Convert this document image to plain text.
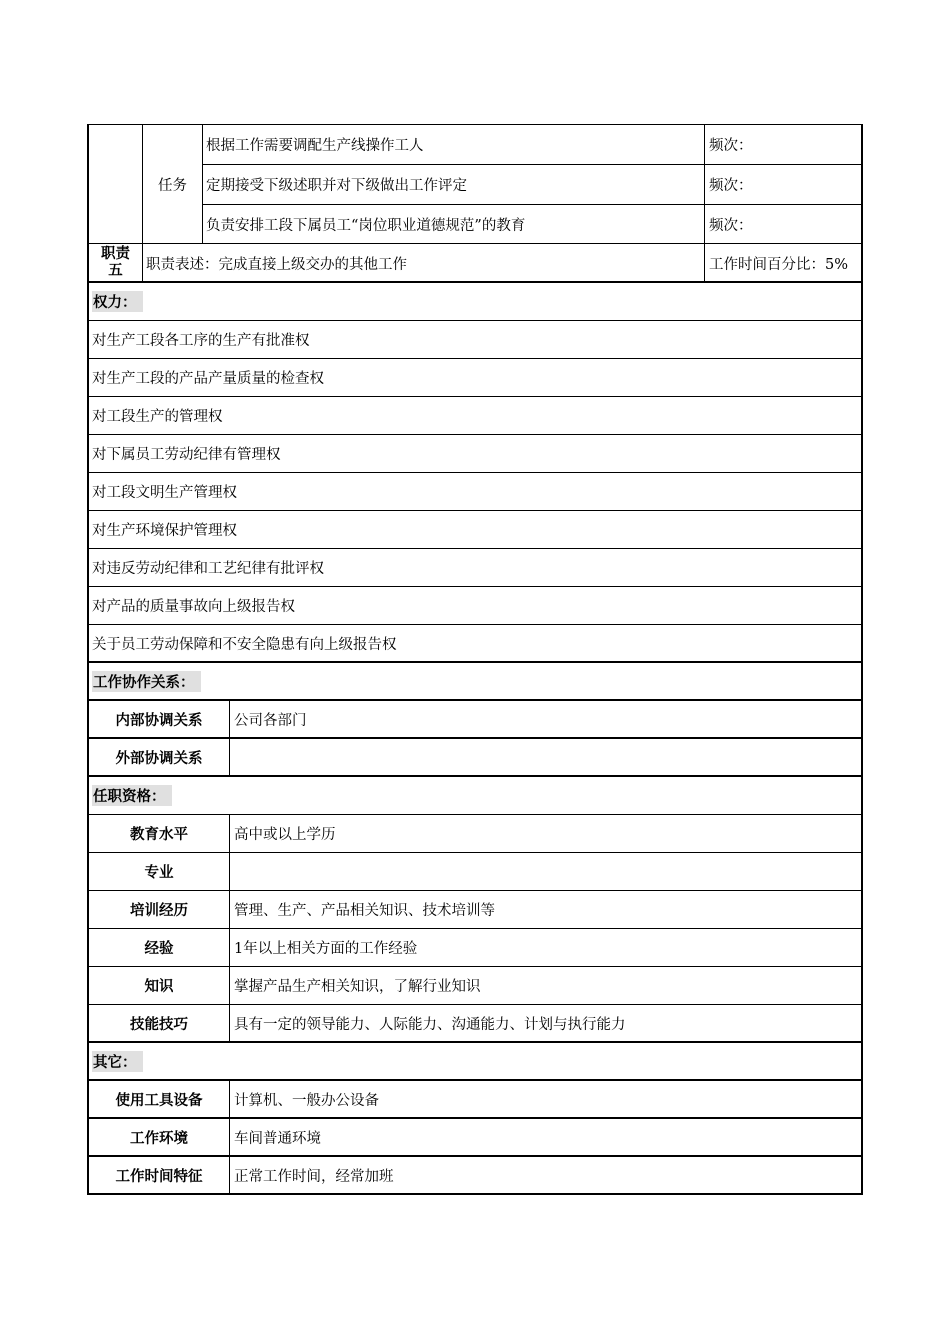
任务
根据工作需要调配生产线操作工人	频次：
定期接受下级述职并对下级做出工作评定	频次：
负责安排工段下属员工“岗位职业道德规范”的教育	频次：
职责
五 职责表述：完成直接上级交办的其他工作	工作时间百分比：5%
权力：
对生产工段各工序的生产有批准权
对生产工段的产品产量质量的检查权
对工段生产的管理权
对下属员工劳动纪律有管理权
对工段文明生产管理权
对生产环境保护管理权
对违反劳动纪律和工艺纪律有批评权
对产品的质量事故向上级报告权
关于员工劳动保障和不安全隐患有向上级报告权
工作协作关系：
内部协调关系	公司各部门
外部协调关系
任职资格：
教育水平	高中或以上学历
专业
培训经历	管理、生产、产品相关知识、技术培训等
经验	1年以上相关方面的工作经验
知识	掌握产品生产相关知识，了解行业知识
技能技巧	具有一定的领导能力、人际能力、沟通能力、计划与执行能力
其它：
使用工具设备	计算机、一般办公设备
工作环境	车间普通环境
工作时间特征	正常工作时间，经常加班
